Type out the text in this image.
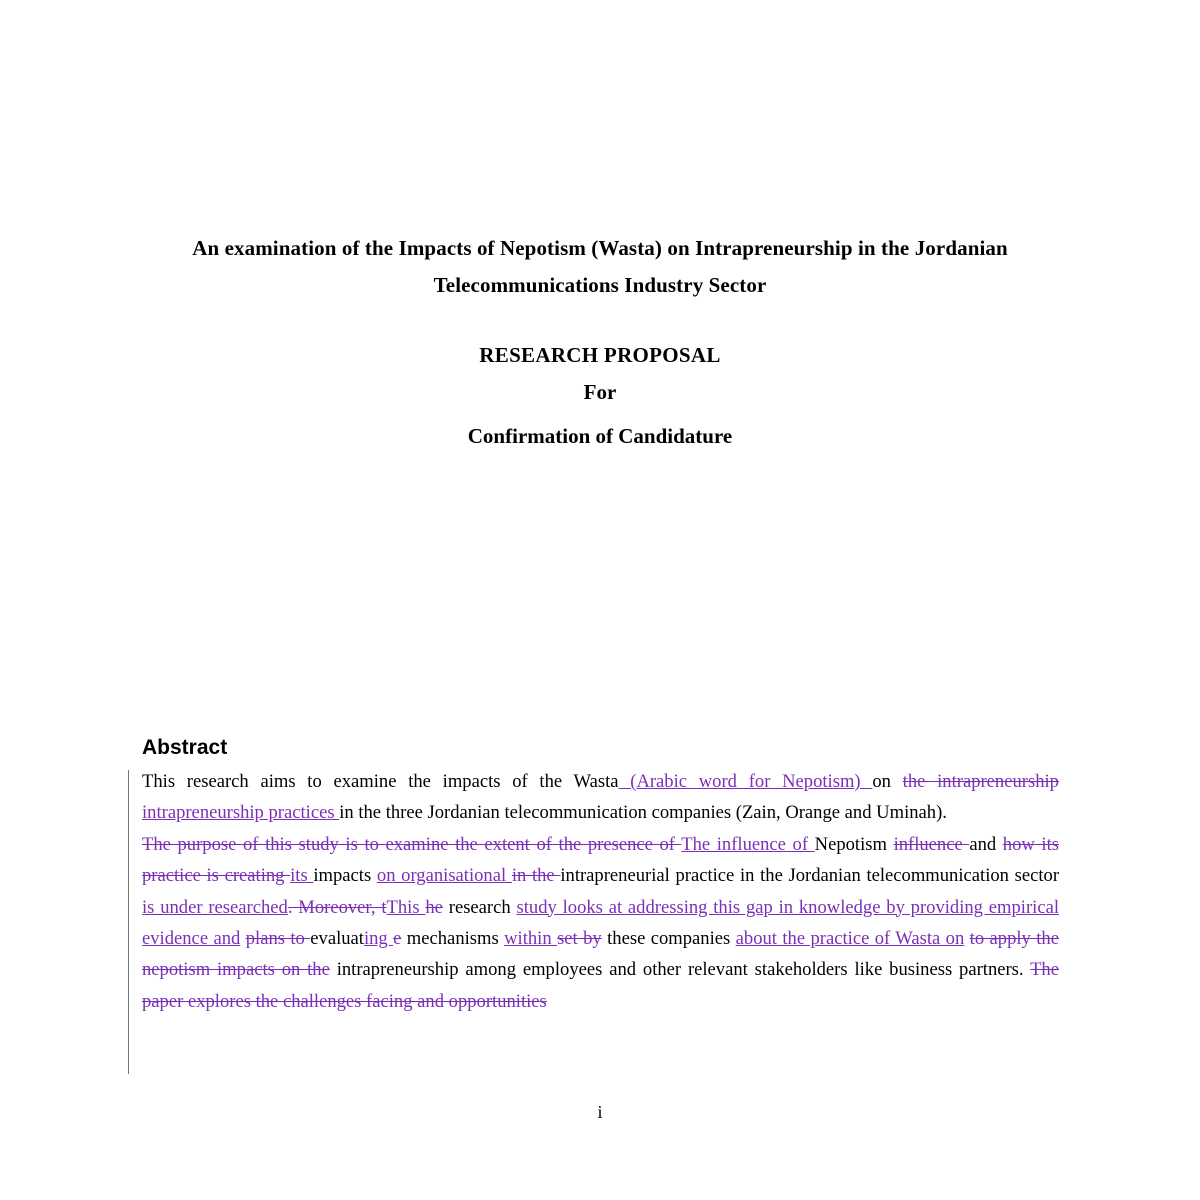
An examination of the Impacts of Nepotism (Wasta) on Intrapreneurship in the Jordanian Telecommunications Industry Sector
RESEARCH PROPOSAL
For
Confirmation of Candidature
Abstract

This research aims to examine the impacts of the Wasta (Arabic word for Nepotism) on the intrapreneurship intrapreneurship practices in the three Jordanian telecommunication companies (Zain, Orange and Uminah).

The purpose of this study is to examine the extent of the presence of The influence of Nepotism influence and how its practice is creating its impacts on organisational in the intrapreneurial practice in the Jordanian telecommunication sector is under researched. Moreover, tThis he research study looks at addressing this gap in knowledge by providing empirical evidence and plans to evaluating e mechanisms within set by these companies about the practice of Wasta on to apply the nepotism impacts on the intrapreneurship among employees and other relevant stakeholders like business partners. The paper explores the challenges facing and opportunities

i
